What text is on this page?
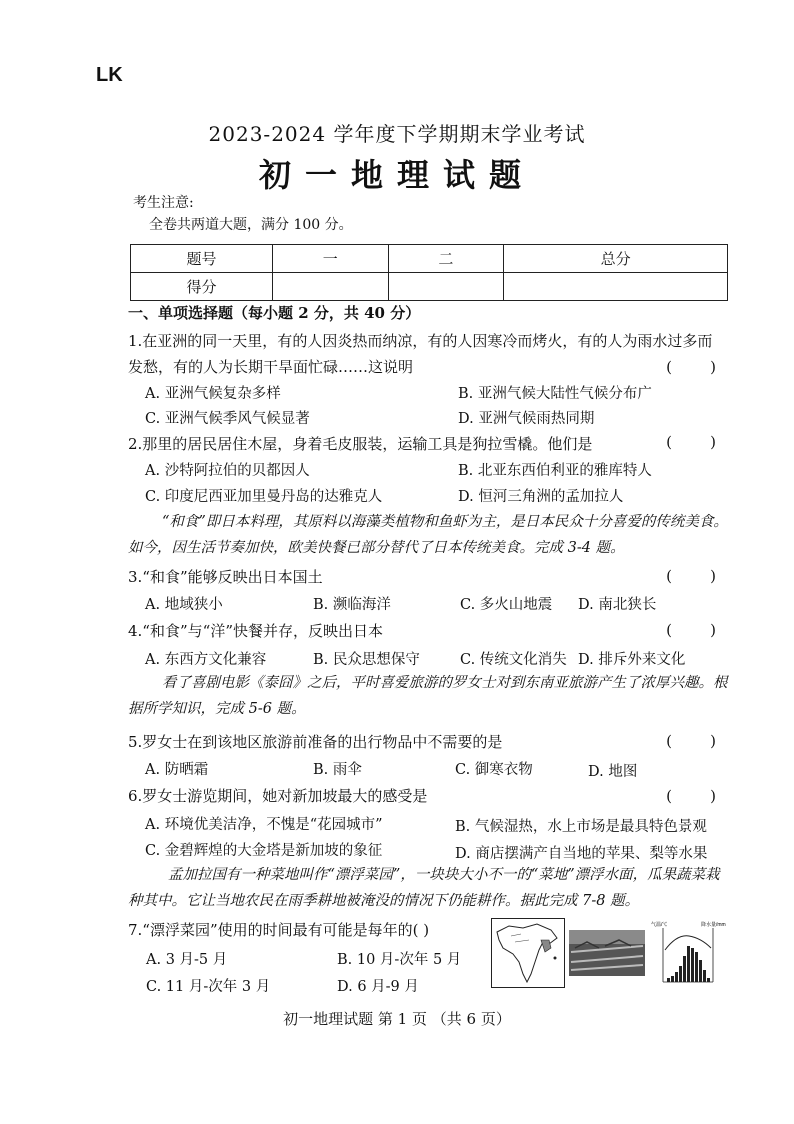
LK
2023-2024 学年度下学期期末学业考试
初一地理试题
考生注意:
全卷共两道大题，满分 100 分。
题号	一	二	总分
得分			
一、单项选择题（每小题 2 分，共 40 分）
1.在亚洲的同一天里，有的人因炎热而纳凉，有的人因寒冷而烤火，有的人为雨水过多而
发愁，有的人为长期干旱面忙碌……这说明	(        )
A. 亚洲气候复杂多样	B. 亚洲气候大陆性气候分布广
C. 亚洲气候季风气候显著	D. 亚洲气候雨热同期
2.那里的居民居住木屋，身着毛皮服装，运输工具是狗拉雪橇。他们是	(        )
A. 沙特阿拉伯的贝都因人	B. 北亚东西伯利亚的雅库特人
C. 印度尼西亚加里曼丹岛的达雅克人	D. 恒河三角洲的孟加拉人
“和食”即日本料理，其原料以海藻类植物和鱼虾为主，是日本民众十分喜爱的传统美食。如今，因生活节奏加快，欧美快餐已部分替代了日本传统美食。完成 3-4 题。
3.“和食”能够反映出日本国土	(        )
A. 地域狭小	B. 濒临海洋	C. 多火山地震 D. 南北狭长
4.“和食”与“洋”快餐并存，反映出日本	(        )
A. 东西方文化兼容	B. 民众思想保守	C. 传统文化消失 D. 排斥外来文化
看了喜剧电影《泰囧》之后，平时喜爱旅游的罗女士对到东南亚旅游产生了浓厚兴趣。根据所学知识，完成 5-6 题。
5.罗女士在到该地区旅游前准备的出行物品中不需要的是	(        )
A. 防晒霜	B. 雨伞	C. 御寒衣物	D. 地图
6.罗女士游览期间，她对新加坡最大的感受是	(        )
A. 环境优美洁净，不愧是“花园城市”	B. 气候湿热，水上市场是最具特色景观
C. 金碧辉煌的大金塔是新加坡的象征	D. 商店摆满产自当地的苹果、梨等水果
孟加拉国有一种菜地叫作“漂浮菜园”，一块块大小不一的“菜地”漂浮水面，瓜果蔬菜栽种其中。它让当地农民在雨季耕地被淹没的情况下仍能耕作。据此完成 7-8 题。
7.“漂浮菜园”使用的时间最有可能是每年的( )
A. 3 月-5 月	B. 10 月-次年 5 月
C. 11 月-次年 3 月	D. 6 月-9 月
气温/℃	降水量/mm
初一地理试题 第 1 页 （共 6 页）
